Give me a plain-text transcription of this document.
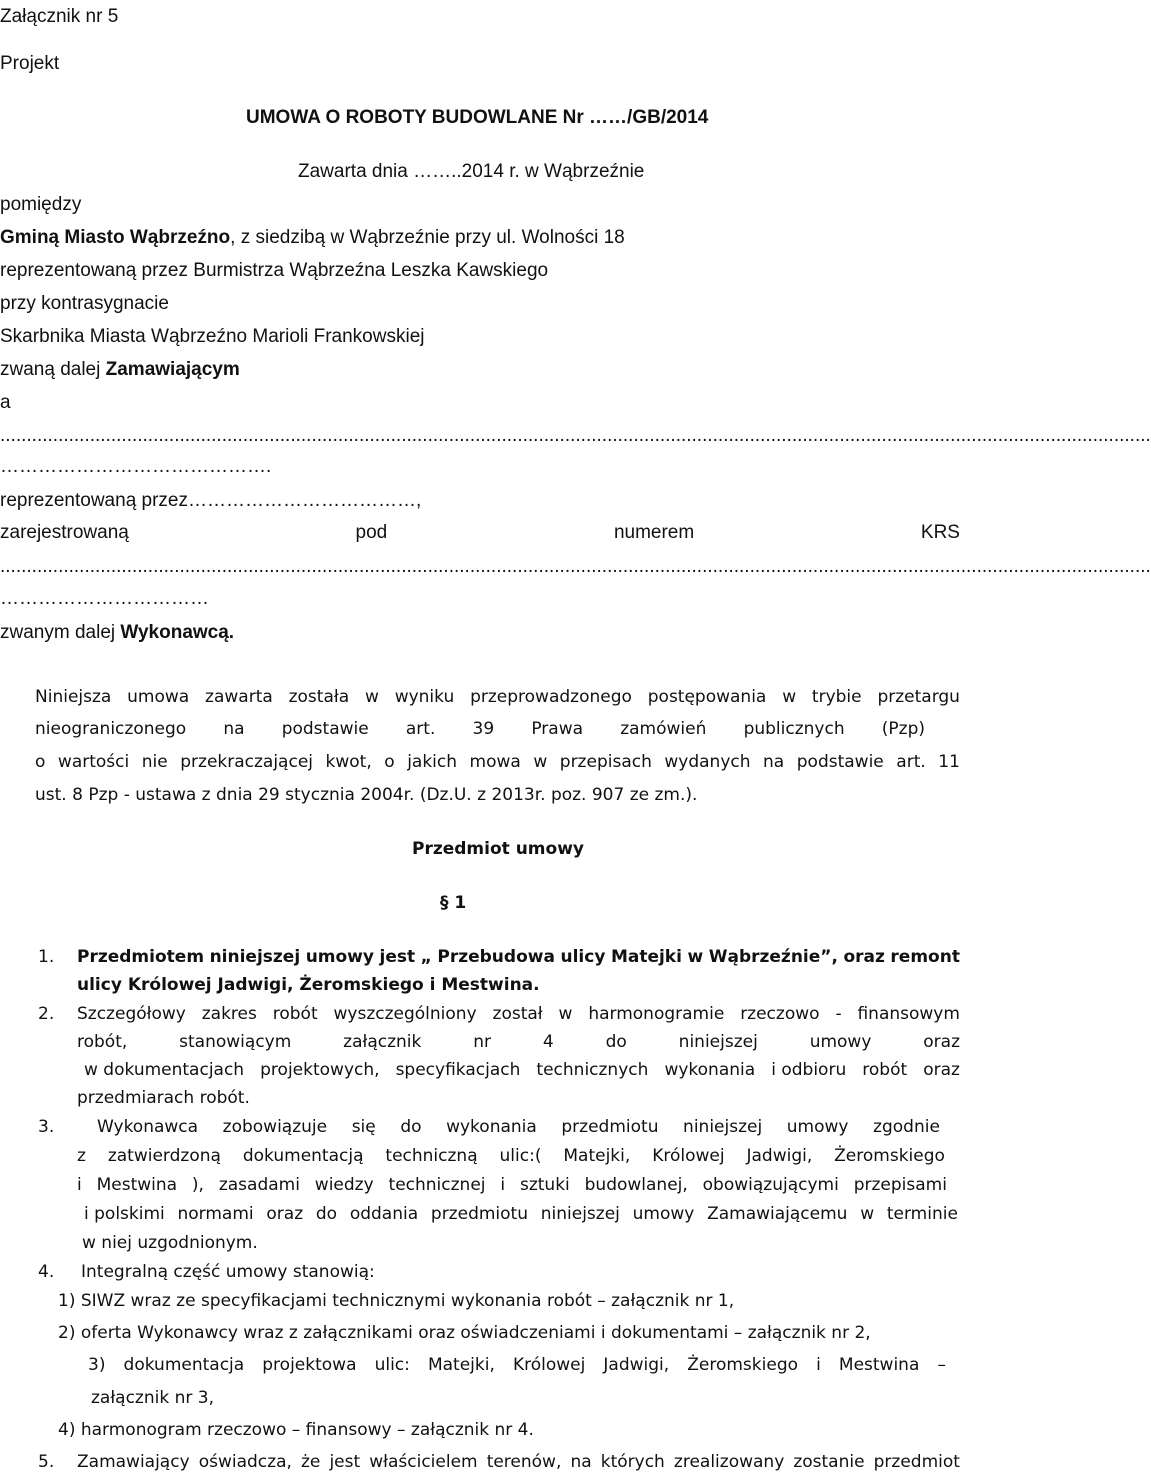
Załącznik nr 5
Projekt
UMOWA O ROBOTY BUDOWLANE Nr ……/GB/2014
Zawarta dnia ……..2014 r. w Wąbrzeźnie
pomiędzy
Gminą Miasto Wąbrzeźno, z siedzibą w Wąbrzeźnie przy ul. Wolności 18
reprezentowaną przez Burmistrza Wąbrzeźna Leszka Kawskiego
przy kontrasygnacie
Skarbnika Miasta Wąbrzeźno Marioli Frankowskiej
zwaną dalej Zamawiającym
a
..........................................................................................................................................................................................................................
…………………………………….
reprezentowaną przez………………………………,
zarejestrowaną	pod	numerem	KRS
..........................................................................................................................................................................................................................
……………………………
zwanym dalej Wykonawcą.
Niniejsza umowa zawarta została w wyniku przeprowadzonego postępowania w trybie przetargu
nieograniczonego na podstawie art. 39 Prawa zamówień publicznych (Pzp)
o wartości nie przekraczającej kwot, o jakich mowa w przepisach wydanych na podstawie art. 11
ust. 8 Pzp - ustawa z dnia 29 stycznia 2004r. (Dz.U. z 2013r. poz. 907 ze zm.).
Przedmiot umowy
§ 1
1. Przedmiotem niniejszej umowy jest „ Przebudowa ulicy Matejki w Wąbrzeźnie”, oraz remont
ulicy Królowej Jadwigi, Żeromskiego i Mestwina.
2. Szczegółowy zakres robót wyszczególniony został w harmonogramie rzeczowo - finansowym
robót,	stanowiącym	załącznik	nr	4	do	niniejszej	umowy	oraz
w dokumentacjach projektowych, specyfikacjach technicznych wykonania i odbioru robót oraz
przedmiarach robót.
3.	Wykonawca zobowiązuje się do wykonania przedmiotu niniejszej umowy zgodnie
z zatwierdzoną dokumentacją techniczną ulic:( Matejki, Królowej Jadwigi, Żeromskiego
i Mestwina ), zasadami wiedzy technicznej i sztuki budowlanej, obowiązującymi przepisami
i polskimi normami oraz do oddania przedmiotu niniejszej umowy Zamawiającemu w terminie
w niej uzgodnionym.
4. Integralną część umowy stanowią:
1) SIWZ wraz ze specyfikacjami technicznymi wykonania robót – załącznik nr 1,
2) oferta Wykonawcy wraz z załącznikami oraz oświadczeniami i dokumentami – załącznik nr 2,
3) dokumentacja projektowa ulic: Matejki, Królowej Jadwigi, Żeromskiego i Mestwina –
załącznik nr 3,
4) harmonogram rzeczowo – finansowy – załącznik nr 4.
5. Zamawiający oświadcza, że jest właścicielem terenów, na których zrealizowany zostanie przedmiot
